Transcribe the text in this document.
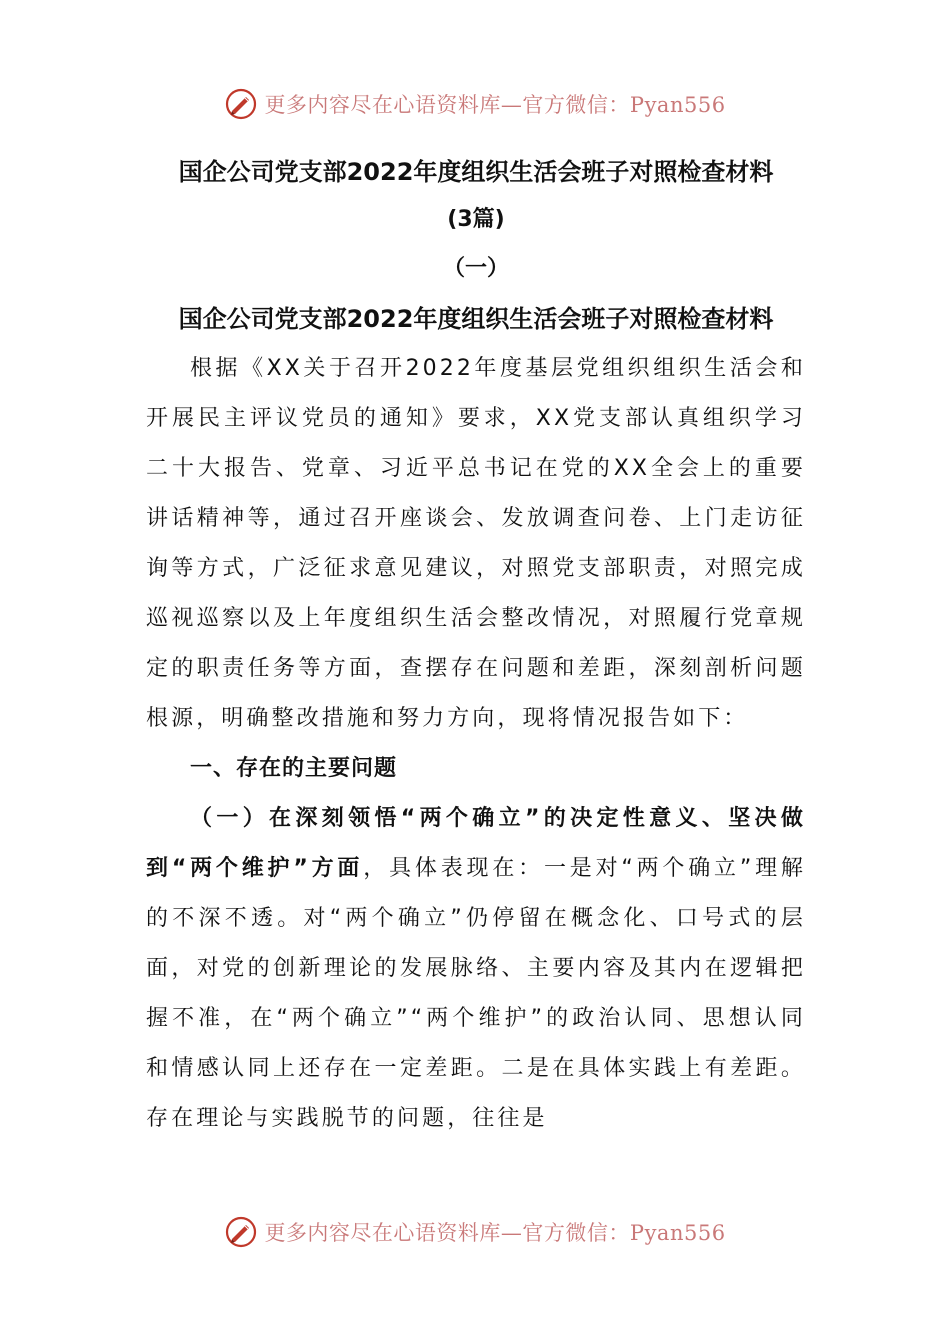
更多内容尽在心语资料库—官方微信：Pyan556

国企公司党支部2022年度组织生活会班子对照检查材料

(3篇)

（一）

国企公司党支部2022年度组织生活会班子对照检查材料

根据《XX关于召开2022年度基层党组织组织生活会和开展民主评议党员的通知》要求，XX党支部认真组织学习二十大报告、党章、习近平总书记在党的XX全会上的重要讲话精神等，通过召开座谈会、发放调查问卷、上门走访征询等方式，广泛征求意见建议，对照党支部职责，对照完成巡视巡察以及上年度组织生活会整改情况，对照履行党章规定的职责任务等方面，查摆存在问题和差距，深刻剖析问题根源，明确整改措施和努力方向，现将情况报告如下：

一、存在的主要问题

（一）在深刻领悟“两个确立”的决定性意义、坚决做到“两个维护”方面，具体表现在：一是对“两个确立”理解的不深不透。对“两个确立”仍停留在概念化、口号式的层面，对党的创新理论的发展脉络、主要内容及其内在逻辑把握不准，在“两个确立”“两个维护”的政治认同、思想认同和情感认同上还存在一定差距。二是在具体实践上有差距。存在理论与实践脱节的问题，往往是

更多内容尽在心语资料库—官方微信：Pyan556
